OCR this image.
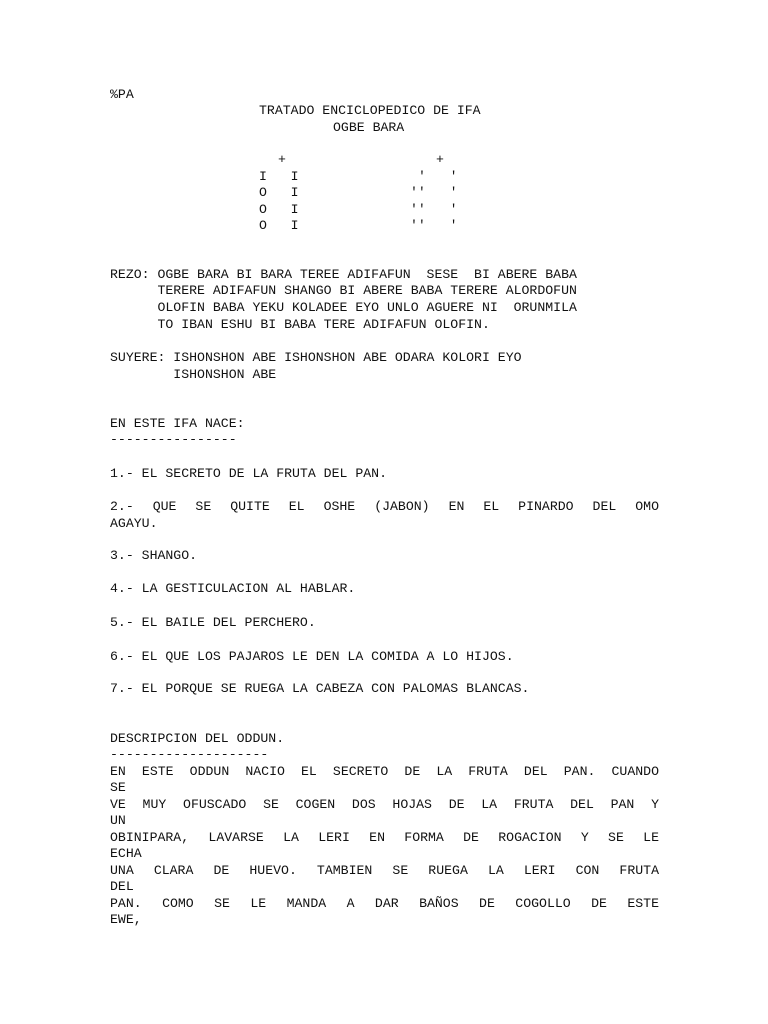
%PA
TRATADO ENCICLOPEDICO DE IFA
OGBE BARA
+	+
I   I	'   '
O   I	''   '
O   I	''   '
O   I	''   '
REZO: OGBE BARA BI BARA TEREE ADIFAFUN  SESE  BI ABERE BABA
TERERE ADIFAFUN SHANGO BI ABERE BABA TERERE ALORDOFUN
OLOFIN BABA YEKU KOLADEE EYO UNLO AGUERE NI  ORUNMILA
TO IBAN ESHU BI BABA TERE ADIFAFUN OLOFIN.
SUYERE: ISHONSHON ABE ISHONSHON ABE ODARA KOLORI EYO
ISHONSHON ABE
EN ESTE IFA NACE:
----------------
1.- EL SECRETO DE LA FRUTA DEL PAN.
2.- QUE SE QUITE EL OSHE (JABON) EN EL PINARDO DEL OMO
AGAYU.
3.- SHANGO.
4.- LA GESTICULACION AL HABLAR.
5.- EL BAILE DEL PERCHERO.
6.- EL QUE LOS PAJAROS LE DEN LA COMIDA A LO HIJOS.
7.- EL PORQUE SE RUEGA LA CABEZA CON PALOMAS BLANCAS.
DESCRIPCION DEL ODDUN.
--------------------
EN ESTE ODDUN NACIO EL SECRETO DE LA FRUTA DEL PAN. CUANDO
SE
VE MUY OFUSCADO SE COGEN DOS HOJAS DE LA FRUTA DEL PAN Y
UN
OBINIPARA, LAVARSE LA LERI EN FORMA DE ROGACION Y SE LE
ECHA
UNA CLARA DE HUEVO. TAMBIEN SE RUEGA LA LERI CON FRUTA
DEL
PAN. COMO SE LE MANDA A DAR BAÑOS DE COGOLLO DE ESTE
EWE,
